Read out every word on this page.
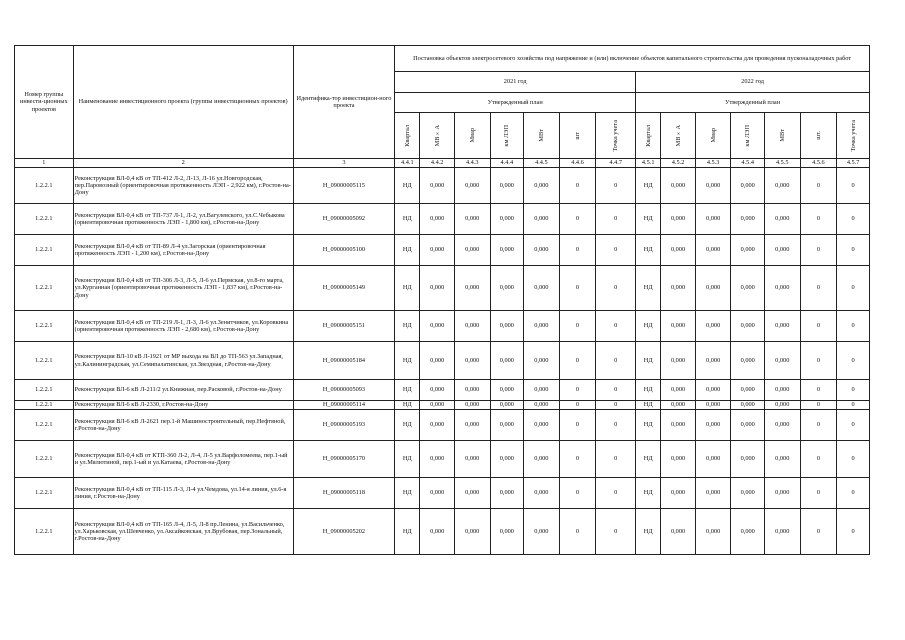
Номер группы инвести-ционных проектов	Наименование инвестиционного проекта (группы инвестиционных проектов)	Идентифика-тор инвестицион-ного проекта	Постановка объектов электросетевого хозяйства под напряжение и (или) включение объектов капитального строительства для проведения пусконаладочных работ													
			2021 год							2022 год						
			Утвержденный план							Утвержденный план						

			Квартал	МВ×А	Мвар	км ЛЭП	МВт	шт	Точка учета	Квартал	МВ×А	Мвар	км ЛЭП	МВт	шт.	Точка учета

1	2	3	4.4.1	4.4.2	4.4.3	4.4.4	4.4.5	4.4.6	4.4.7	4.5.1	4.5.2	4.5.3	4.5.4	4.5.5	4.5.6	4.5.7
1.2.2.1	Реконструкция ВЛ-0,4 кВ от ТП-412 Л-2, Л-13, Л-16 ул.Новгородская, пер.Паровозный (ориентировочная протяженность ЛЭП - 2,922 км), г.Ростов-на-Дону	H_09000005115	НД	0,000	0,000	0,000	0,000	0	0	НД	0,000	0,000	0,000	0,000	0	0
1.2.2.1	Реконструкция ВЛ-0,4 кВ от ТП-737 Л-1, Л-2, ул.Вагулевского, ул.С.Чебыкова (ориентировочная протяженность ЛЭП - 1,800 км), г.Ростов-на-Дону	H_09000005092	НД	0,000	0,000	0,000	0,000	0	0	НД	0,000	0,000	0,000	0,000	0	0
1.2.2.1	Реконструкция ВЛ-0,4 кВ от ТП-89 Л-4 ул.Загорская (ориентировочная протяженность ЛЭП - 1,200 км), г.Ростов-на-Дону	H_09000005100	НД	0,000	0,000	0,000	0,000	0	0	НД	0,000	0,000	0,000	0,000	0	0
1.2.2.1	Реконструкция ВЛ-0,4 кВ от ТП-306 Л-3, Л-5, Л-6 ул.Пермская, ул.8-го марта, ул.Курганная (ориентировочная протяженность ЛЭП - 1,837 км), г.Ростов-на-Дону	H_09000005149	НД	0,000	0,000	0,000	0,000	0	0	НД	0,000	0,000	0,000	0,000	0	0
1.2.2.1	Реконструкция ВЛ-0,4 кВ от ТП-219 Л-1, Л-3, Л-6 ул.Зенитчиков, ул.Коровкина (ориентировочная протяженность ЛЭП - 2,680 км), г.Ростов-на-Дону	H_09000005151	НД	0,000	0,000	0,000	0,000	0	0	НД	0,000	0,000	0,000	0,000	0	0
1.2.2.1	Реконструкция ВЛ-10 кВ Л-1921 от МР выхода на ВЛ до ТП-563 ул.Западная, ул.Калининградская, ул.Семипалатинская, ул.Звездная, г.Ростов-на-Дону	H_09000005184	НД	0,000	0,000	0,000	0,000	0	0	НД	0,000	0,000	0,000	0,000	0	0
1.2.2.1	Реконструкция ВЛ-6 кВ Л-211/2 ул.Книжная, пер.Расковой, г.Ростов-на-Дону	H_09000005093	НД	0,000	0,000	0,000	0,000	0	0	НД	0,000	0,000	0,000	0,000	0	0
1.2.2.1	Реконструкция ВЛ-6 кВ Л-2330, г.Ростов-на-Дону	H_09000005114	НД	0,000	0,000	0,000	0,000	0	0	НД	0,000	0,000	0,000	0,000	0	0
1.2.2.1	Реконструкция ВЛ-6 кВ Л-2621 пер.1-й Машиностроительный, пер.Нефтяной, г.Ростов-на-Дону	H_09000005193	НД	0,000	0,000	0,000	0,000	0	0	НД	0,000	0,000	0,000	0,000	0	0
1.2.2.1	Реконструкция ВЛ-0,4 кВ от КТП-360 Л-2, Л-4, Л-5 ул.Варфоломеева, пер.1-ый и ул.Мялютиной, пер.1-ый и ул.Катаева, г.Ростов-на-Дону	H_09000005170	НД	0,000	0,000	0,000	0,000	0	0	НД	0,000	0,000	0,000	0,000	0	0
1.2.2.1	Реконструкция ВЛ-0,4 кВ от ТП-115 Л-3, Л-4 ул.Чемдова, ул.14-я линия, ул.6-я линия, г.Ростов-на-Дону	H_09000005118	НД	0,000	0,000	0,000	0,000	0	0	НД	0,000	0,000	0,000	0,000	0	0
1.2.2.1	Реконструкция ВЛ-0,4 кВ от ТП-165 Л-4, Л-5, Л-8 пр.Ленина, ул.Васильченко, ул.Харьковская, ул.Шевченко, ул.Аксайковская, ул.Врубовая, пер.Зональный, г.Ростов-на-Дону	H_09000005202	НД	0,000	0,000	0,000	0,000	0	0	НД	0,000	0,000	0,000	0,000	0	0
